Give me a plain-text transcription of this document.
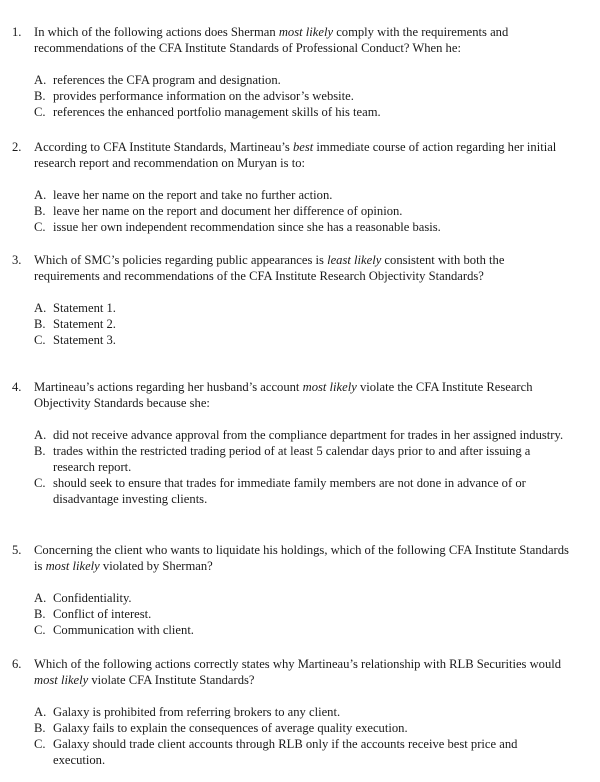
1. In which of the following actions does Sherman most likely comply with the requirements and recommendations of the CFA Institute Standards of Professional Conduct? When he:
A. references the CFA program and designation.
B. provides performance information on the advisor’s website.
C. references the enhanced portfolio management skills of his team.
2. According to CFA Institute Standards, Martineau’s best immediate course of action regarding her initial research report and recommendation on Muryan is to:
A. leave her name on the report and take no further action.
B. leave her name on the report and document her difference of opinion.
C. issue her own independent recommendation since she has a reasonable basis.
3. Which of SMC’s policies regarding public appearances is least likely consistent with both the requirements and recommendations of the CFA Institute Research Objectivity Standards?
A. Statement 1.
B. Statement 2.
C. Statement 3.
4. Martineau’s actions regarding her husband’s account most likely violate the CFA Institute Research Objectivity Standards because she:
A. did not receive advance approval from the compliance department for trades in her assigned industry.
B. trades within the restricted trading period of at least 5 calendar days prior to and after issuing a research report.
C. should seek to ensure that trades for immediate family members are not done in advance of or disadvantage investing clients.
5. Concerning the client who wants to liquidate his holdings, which of the following CFA Institute Standards is most likely violated by Sherman?
A. Confidentiality.
B. Conflict of interest.
C. Communication with client.
6. Which of the following actions correctly states why Martineau’s relationship with RLB Securities would most likely violate CFA Institute Standards?
A. Galaxy is prohibited from referring brokers to any client.
B. Galaxy fails to explain the consequences of average quality execution.
C. Galaxy should trade client accounts through RLB only if the accounts receive best price and execution.
